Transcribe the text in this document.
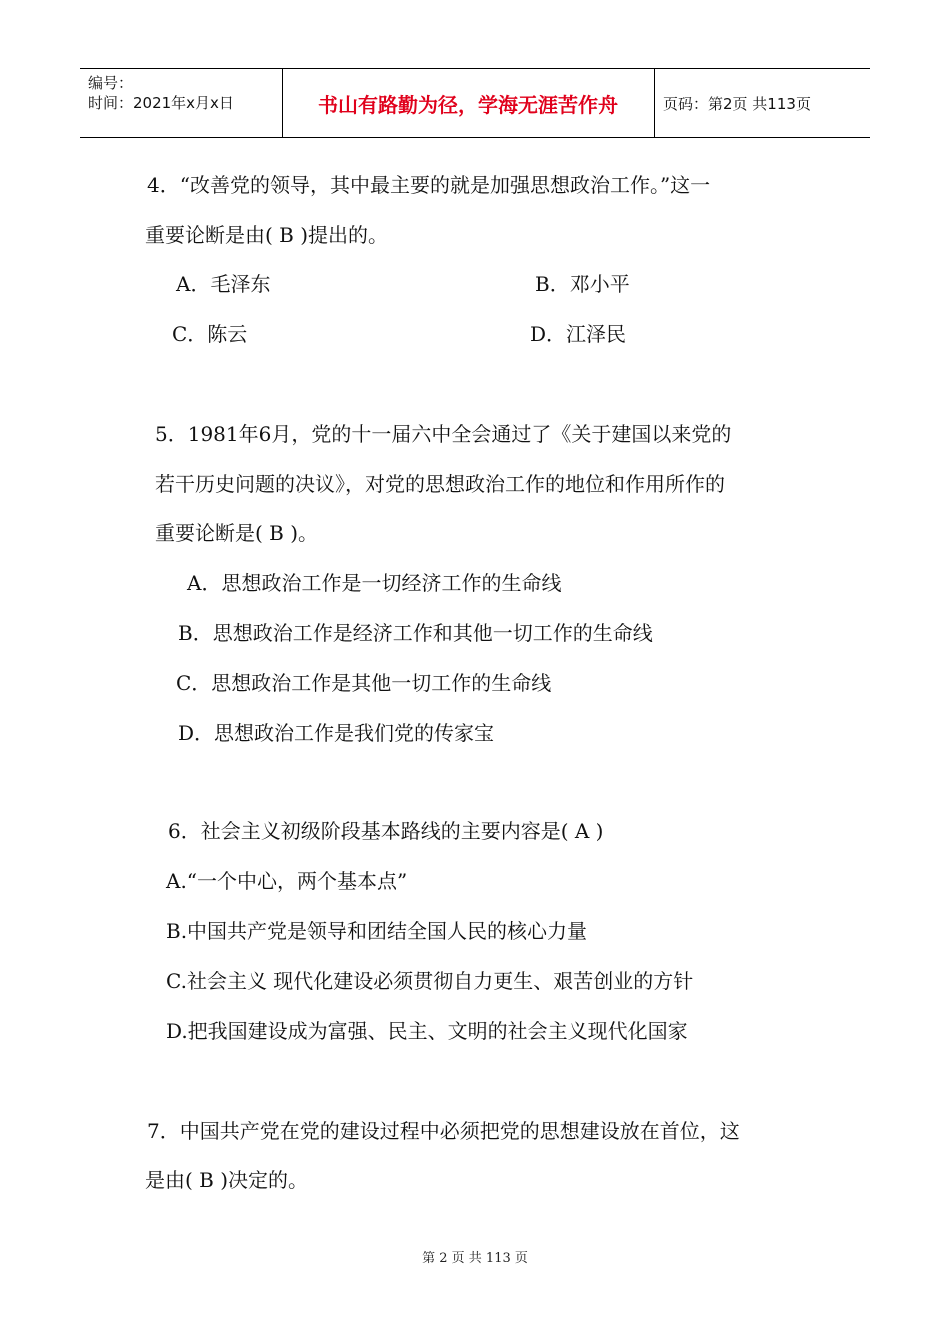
编号：
时间：2021年x月x日	书山有路勤为径，学海无涯苦作舟	页码：第2页 共113页
4．“改善党的领导，其中最主要的就是加强思想政治工作。”这一
重要论断是由( B )提出的。
A．毛泽东	B．邓小平
C．陈云	D．江泽民
5．1981年6月，党的十一届六中全会通过了《关于建国以来党的
若干历史问题的决议》，对党的思想政治工作的地位和作用所作的
重要论断是( B )。
A．思想政治工作是一切经济工作的生命线
B．思想政治工作是经济工作和其他一切工作的生命线
C．思想政治工作是其他一切工作的生命线
D．思想政治工作是我们党的传家宝
6．社会主义初级阶段基本路线的主要内容是( A )
A.“一个中心，两个基本点”
B.中国共产党是领导和团结全国人民的核心力量
C.社会主义 现代化建设必须贯彻自力更生、艰苦创业的方针
D.把我国建设成为富强、民主、文明的社会主义现代化国家
7．中国共产党在党的建设过程中必须把党的思想建设放在首位，这
是由( B )决定的。
第 2 页 共 113 页
